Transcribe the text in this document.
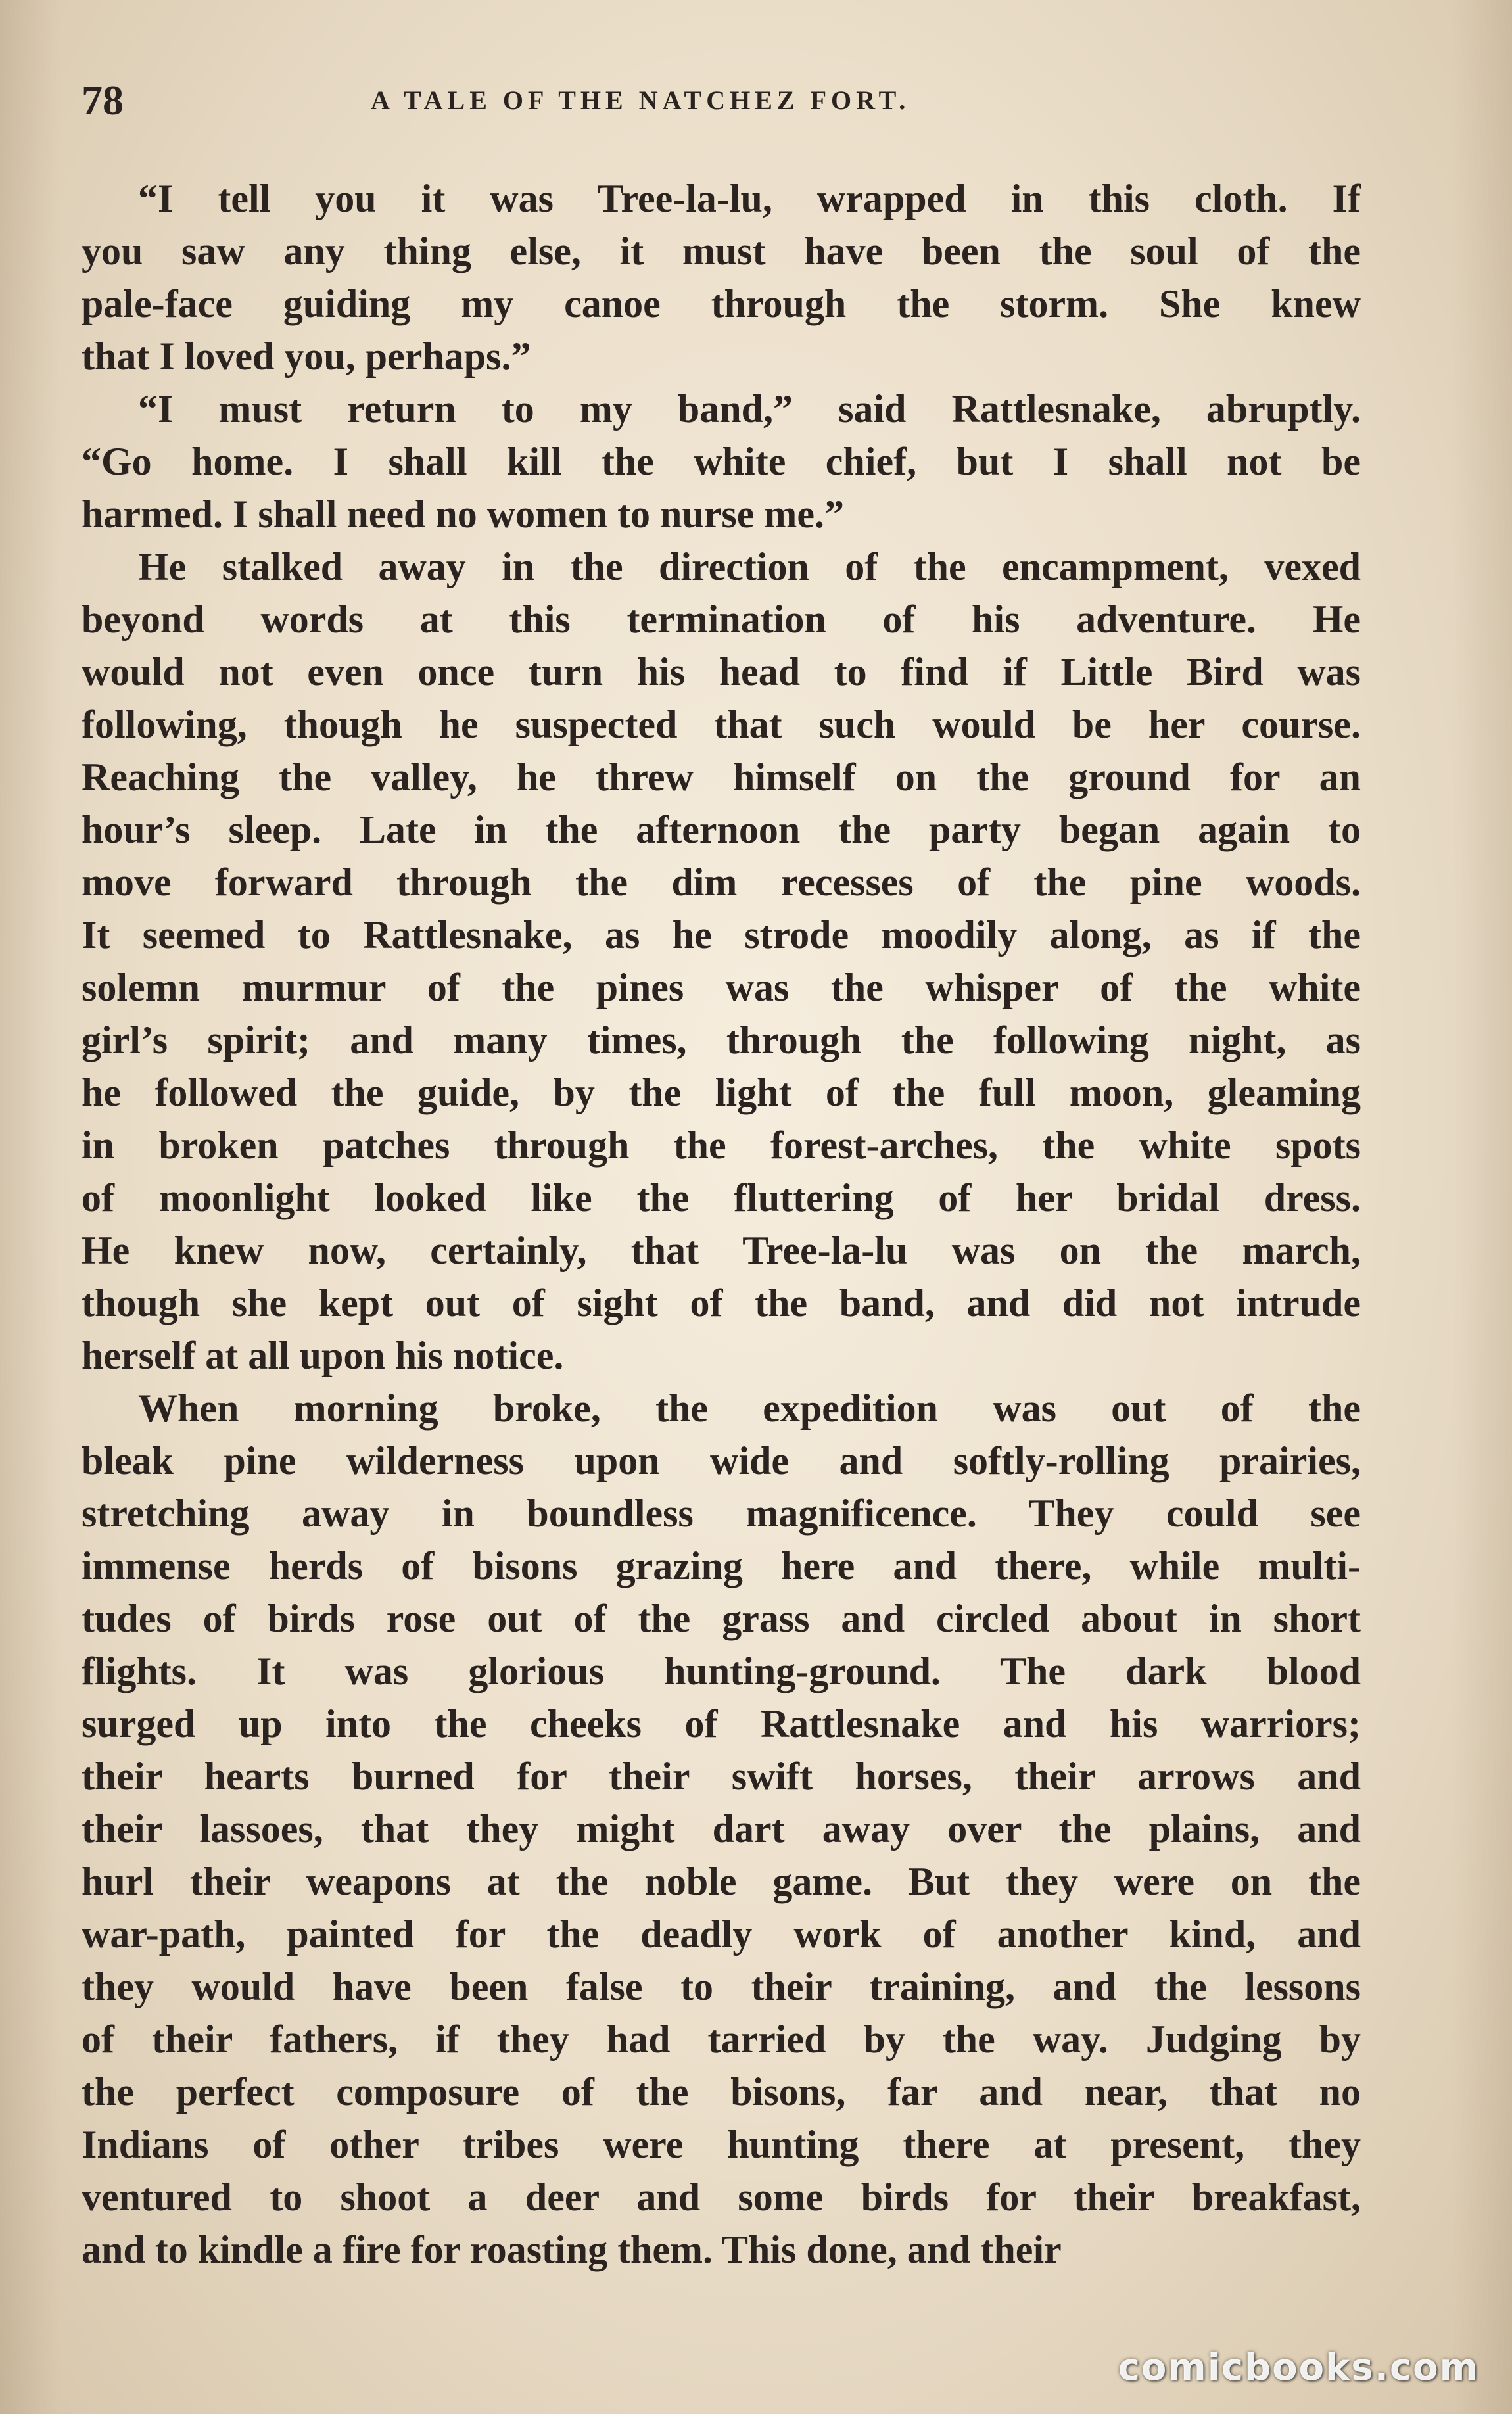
78	A TALE OF THE NATCHEZ FORT.
“I tell you it was Tree-la-lu, wrapped in this cloth. If
you saw any thing else, it must have been the soul of the
pale-face guiding my canoe through the storm. She knew
that I loved you, perhaps.”
“I must return to my band,” said Rattlesnake, abruptly.
“Go home. I shall kill the white chief, but I shall not be
harmed. I shall need no women to nurse me.”
He stalked away in the direction of the encampment, vexed
beyond words at this termination of his adventure. He
would not even once turn his head to find if Little Bird was
following, though he suspected that such would be her course.
Reaching the valley, he threw himself on the ground for an
hour’s sleep. Late in the afternoon the party began again to
move forward through the dim recesses of the pine woods.
It seemed to Rattlesnake, as he strode moodily along, as if the
solemn murmur of the pines was the whisper of the white
girl’s spirit; and many times, through the following night, as
he followed the guide, by the light of the full moon, gleaming
in broken patches through the forest-arches, the white spots
of moonlight looked like the fluttering of her bridal dress.
He knew now, certainly, that Tree-la-lu was on the march,
though she kept out of sight of the band, and did not intrude
herself at all upon his notice.
When morning broke, the expedition was out of the
bleak pine wilderness upon wide and softly-rolling prairies,
stretching away in boundless magnificence. They could see
immense herds of bisons grazing here and there, while multi-
tudes of birds rose out of the grass and circled about in short
flights. It was glorious hunting-ground. The dark blood
surged up into the cheeks of Rattlesnake and his warriors;
their hearts burned for their swift horses, their arrows and
their lassoes, that they might dart away over the plains, and
hurl their weapons at the noble game. But they were on the
war-path, painted for the deadly work of another kind, and
they would have been false to their training, and the lessons
of their fathers, if they had tarried by the way. Judging by
the perfect composure of the bisons, far and near, that no
Indians of other tribes were hunting there at present, they
ventured to shoot a deer and some birds for their breakfast,
and to kindle a fire for roasting them. This done, and their
comicbooks.com
